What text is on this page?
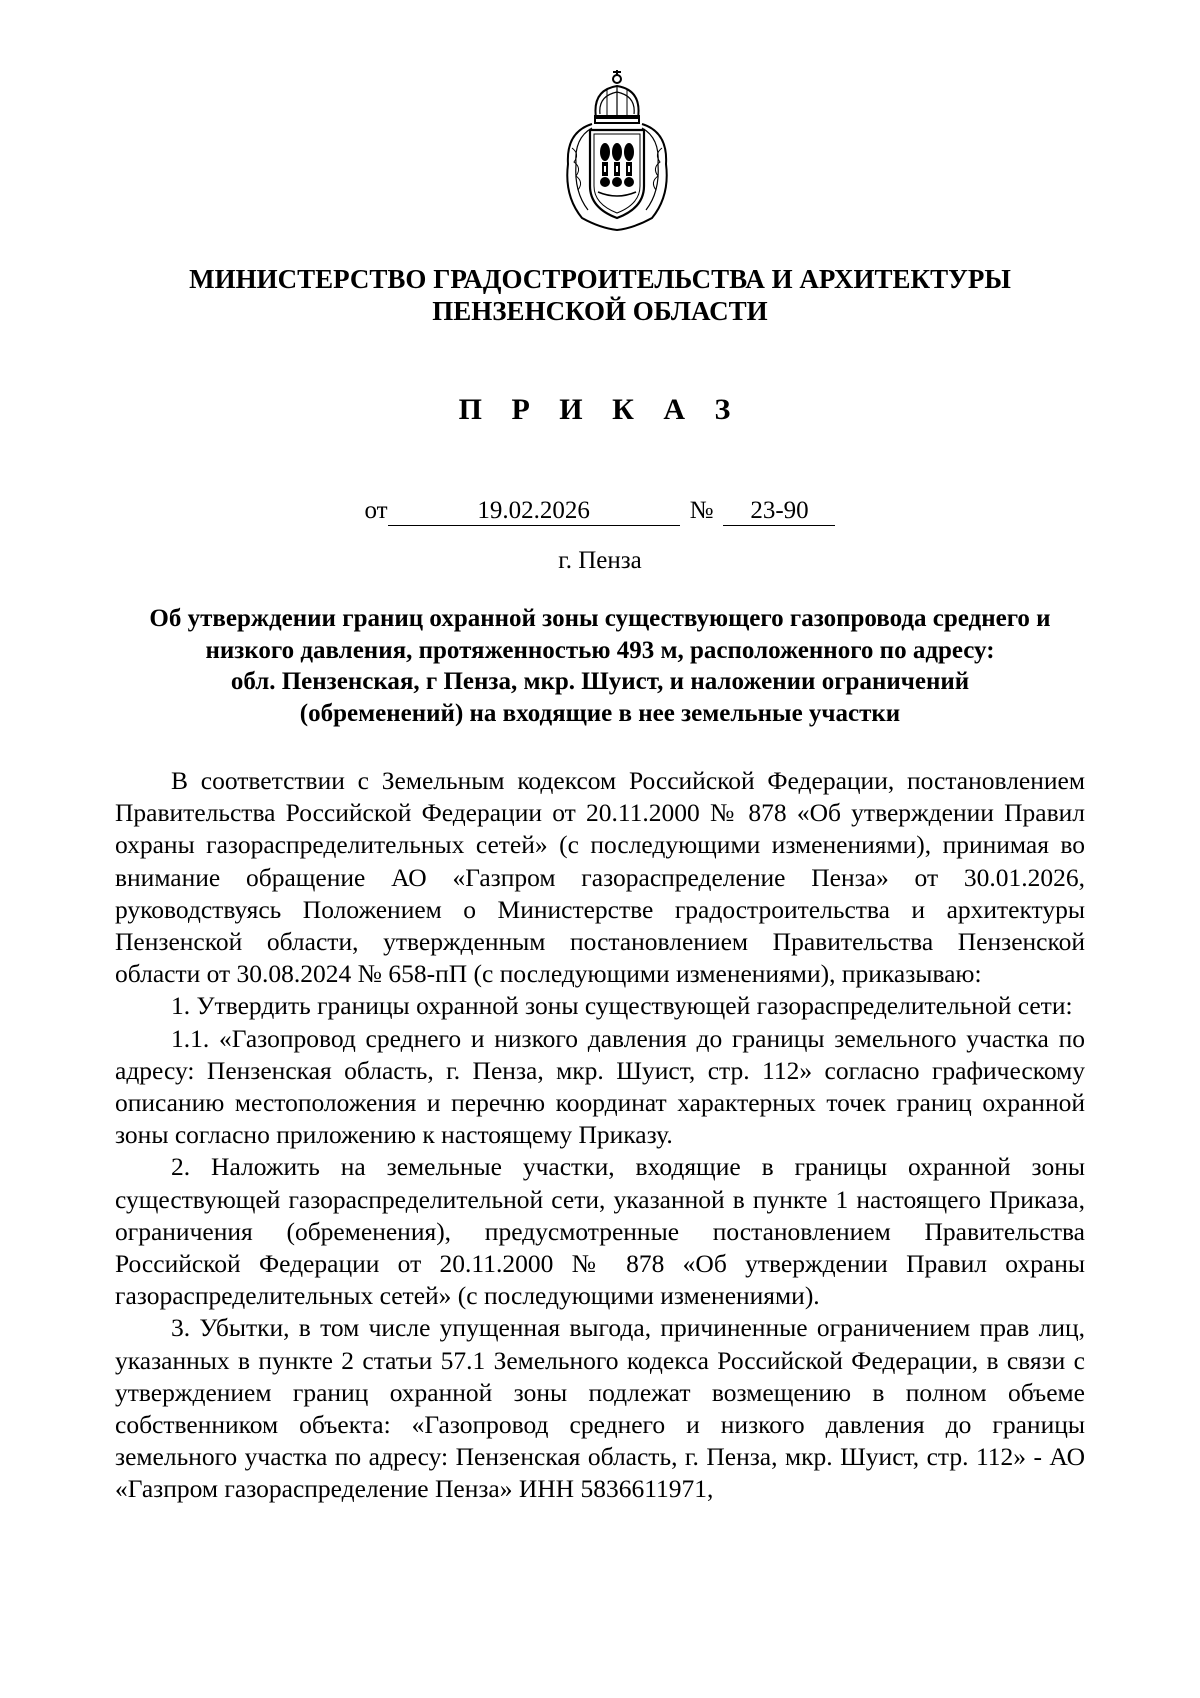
МИНИСТЕРСТВО ГРАДОСТРОИТЕЛЬСТВА И АРХИТЕКТУРЫ
ПЕНЗЕНСКОЙ ОБЛАСТИ
П Р И К А З
от	19.02.2026	№ 23-90
г. Пенза
Об утверждении границ охранной зоны существующего газопровода среднего и
низкого давления, протяженностью 493 м, расположенного по адресу:
обл. Пензенская, г Пенза, мкр. Шуист, и наложении ограничений
(обременений) на входящие в нее земельные участки

В соответствии с Земельным кодексом Российской Федерации, постановлением Правительства Российской Федерации от 20.11.2000 № 878 «Об утверждении Правил охраны газораспределительных сетей» (с последующими изменениями), принимая во внимание обращение АО «Газпром газораспределение Пенза» от 30.01.2026, руководствуясь Положением о Министерстве градостроительства и архитектуры Пензенской области, утвержденным постановлением Правительства Пензенской области от 30.08.2024 № 658-пП (с последующими изменениями), приказываю:

1. Утвердить границы охранной зоны существующей газораспределительной сети:

1.1. «Газопровод среднего и низкого давления до границы земельного участка по адресу: Пензенская область, г. Пенза, мкр. Шуист, стр. 112» согласно графическому описанию местоположения и перечню координат характерных точек границ охранной зоны согласно приложению к настоящему Приказу.

2. Наложить на земельные участки, входящие в границы охранной зоны существующей газораспределительной сети, указанной в пункте 1 настоящего Приказа, ограничения (обременения), предусмотренные постановлением Правительства Российской Федерации от 20.11.2000 № 878 «Об утверждении Правил охраны газораспределительных сетей» (с последующими изменениями).

3. Убытки, в том числе упущенная выгода, причиненные ограничением прав лиц, указанных в пункте 2 статьи 57.1 Земельного кодекса Российской Федерации, в связи с утверждением границ охранной зоны подлежат возмещению в полном объеме собственником объекта: «Газопровод среднего и низкого давления до границы земельного участка по адресу: Пензенская область, г. Пенза, мкр. Шуист, стр. 112» - АО «Газпром газораспределение Пенза» ИНН 5836611971,
